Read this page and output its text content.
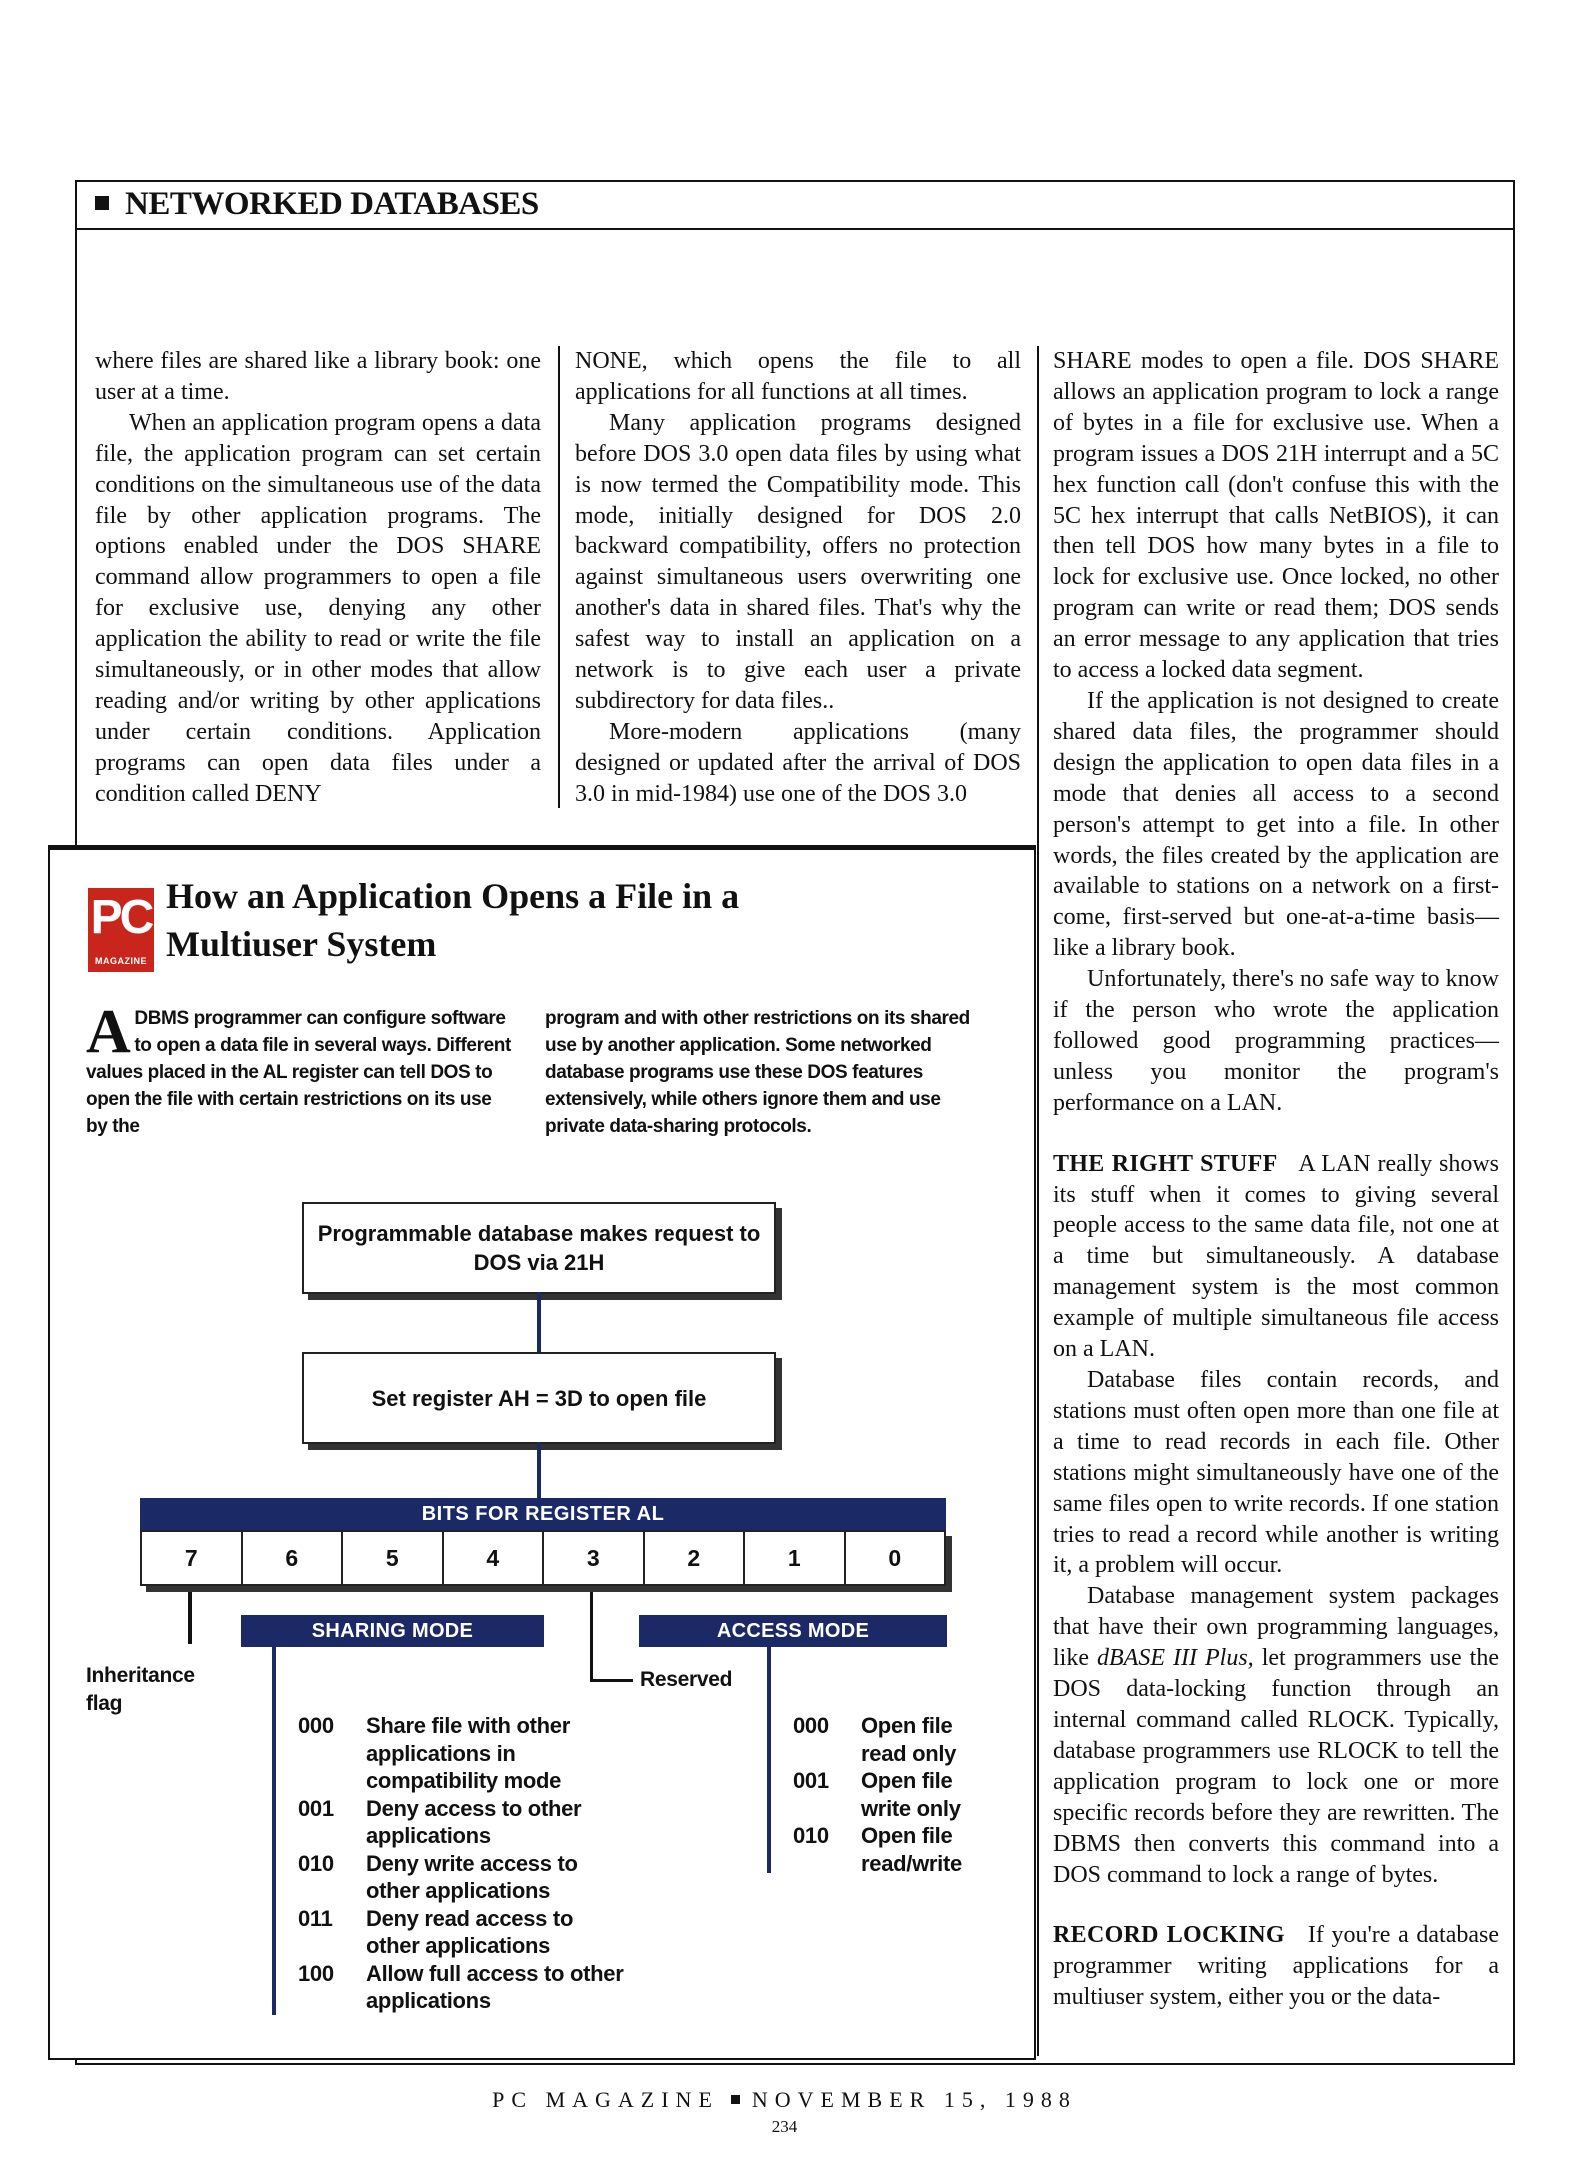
NETWORKED DATABASES

where files are shared like a library book: one user at a time.

When an application program opens a data file, the application program can set certain conditions on the simultaneous use of the data file by other application programs. The options enabled under the DOS SHARE command allow programmers to open a file for exclusive use, denying any other application the ability to read or write the file simultaneously, or in other modes that allow reading and/or writing by other applications under certain conditions. Application programs can open data files under a condition called DENY

NONE, which opens the file to all applications for all functions at all times.

Many application programs designed before DOS 3.0 open data files by using what is now termed the Compatibility mode. This mode, initially designed for DOS 2.0 backward compatibility, offers no protection against simultaneous users overwriting one another's data in shared files. That's why the safest way to install an application on a network is to give each user a private subdirectory for data files..

More-modern applications (many designed or updated after the arrival of DOS 3.0 in mid-1984) use one of the DOS 3.0

SHARE modes to open a file. DOS SHARE allows an application program to lock a range of bytes in a file for exclusive use. When a program issues a DOS 21H interrupt and a 5C hex function call (don't confuse this with the 5C hex interrupt that calls NetBIOS), it can then tell DOS how many bytes in a file to lock for exclusive use. Once locked, no other program can write or read them; DOS sends an error message to any application that tries to access a locked data segment.

If the application is not designed to create shared data files, the programmer should design the application to open data files in a mode that denies all access to a second person's attempt to get into a file. In other words, the files created by the application are available to stations on a network on a first-come, first-served but one-at-a-time basis—like a library book.

Unfortunately, there's no safe way to know if the person who wrote the application followed good programming practices—unless you monitor the program's performance on a LAN.

THE RIGHT STUFF A LAN really shows its stuff when it comes to giving several people access to the same data file, not one at a time but simultaneously. A database management system is the most common example of multiple simultaneous file access on a LAN.

Database files contain records, and stations must often open more than one file at a time to read records in each file. Other stations might simultaneously have one of the same files open to write records. If one station tries to read a record while another is writing it, a problem will occur.

Database management system packages that have their own programming languages, like dBASE III Plus, let programmers use the DOS data-locking function through an internal command called RLOCK. Typically, database programmers use RLOCK to tell the application program to lock one or more specific records before they are rewritten. The DBMS then converts this command into a DOS command to lock a range of bytes.

RECORD LOCKING If you're a database programmer writing applications for a multiuser system, either you or the data-

PC
MAGAZINE
How an Application Opens a File in a Multiuser System
ADBMS programmer can configure software to open a data file in several ways. Different values placed in the AL register can tell DOS to open the file with certain restrictions on its use by the
program and with other restrictions on its shared use by another application. Some networked database programs use these DOS features extensively, while others ignore them and use private data-sharing protocols.
Programmable database makes request to DOS via 21H
Set register AH = 3D to open file
BITS FOR REGISTER AL
7	6	5	4	3	2	1	0
Inheritance flag
SHARING MODE
Reserved
ACCESS MODE
000	Share file with other applications in compatibility mode
001	Deny access to other applications
010	Deny write access to other applications
011	Deny read access to other applications
100	Allow full access to other applications
000	Open file read only
001	Open file write only
010	Open file read/write
PC MAGAZINE NOVEMBER 15, 1988
234
